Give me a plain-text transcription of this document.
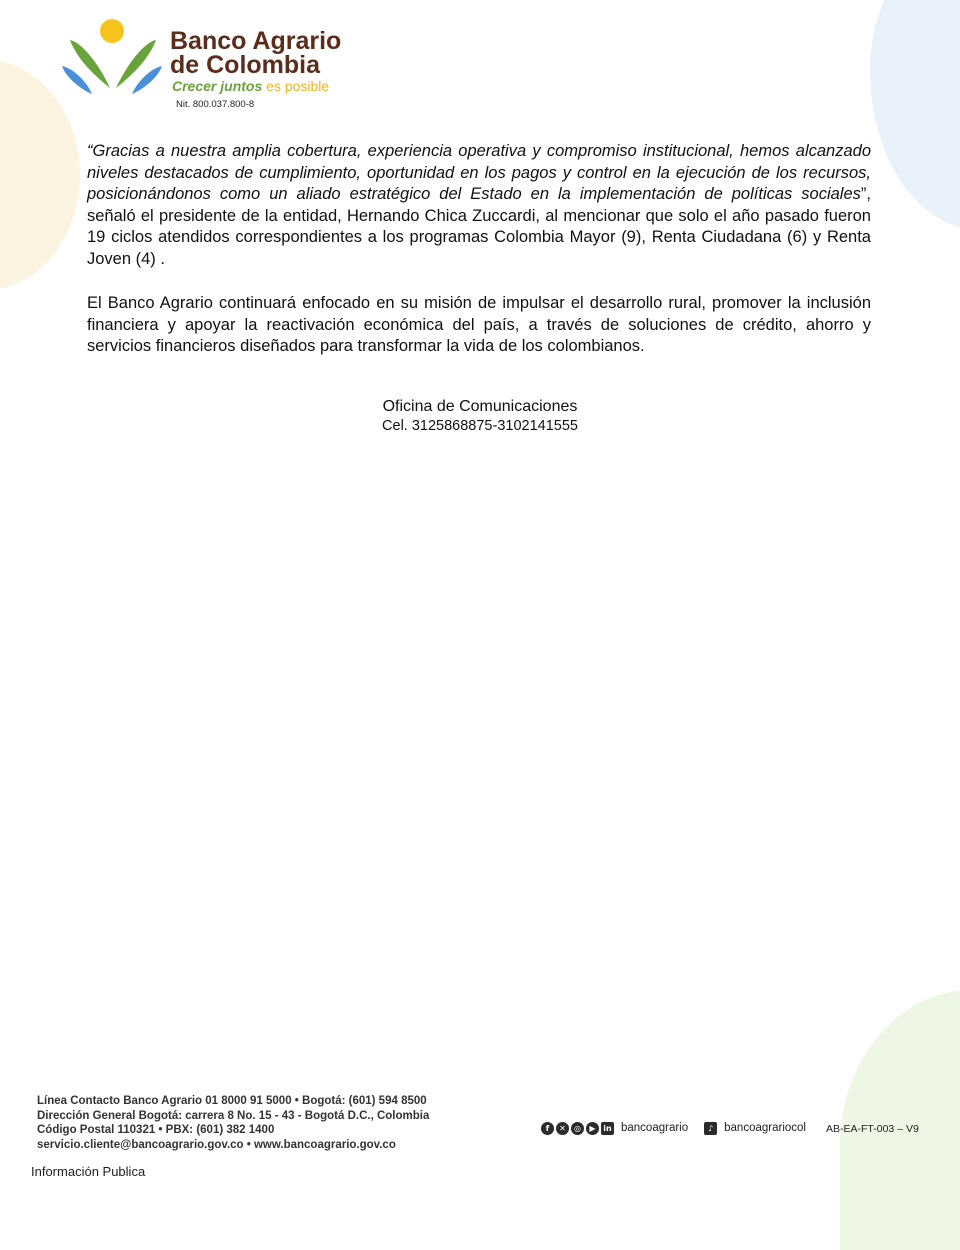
Banco Agrario
de Colombia
Crecer juntos es posible
Nit. 800.037.800-8
“Gracias a nuestra amplia cobertura, experiencia operativa y compromiso institucional, hemos alcanzado niveles destacados de cumplimiento, oportunidad en los pagos y control en la ejecución de los recursos, posicionándonos como un aliado estratégico del Estado en la implementación de políticas sociales”, señaló el presidente de la entidad, Hernando Chica Zuccardi, al mencionar que solo el año pasado fueron 19 ciclos atendidos correspondientes a los programas Colombia Mayor (9), Renta Ciudadana (6) y Renta Joven (4) .
El Banco Agrario continuará enfocado en su misión de impulsar el desarrollo rural, promover la inclusión financiera y apoyar la reactivación económica del país, a través de soluciones de crédito, ahorro y servicios financieros diseñados para transformar la vida de los colombianos.
Oficina de Comunicaciones
Cel. 3125868875-3102141555
Línea Contacto Banco Agrario 01 8000 91 5000 • Bogotá: (601) 594 8500
Dirección General Bogotá: carrera 8 No. 15 - 43 - Bogotá D.C., Colombia
Código Postal 110321 • PBX: (601) 382 1400
servicio.cliente@bancoagrario.gov.co • www.bancoagrario.gov.co
f	✕	◎	▶ in bancoagrario	♪ bancoagrariocol AB-EA-FT-003 – V9
Información Publica
